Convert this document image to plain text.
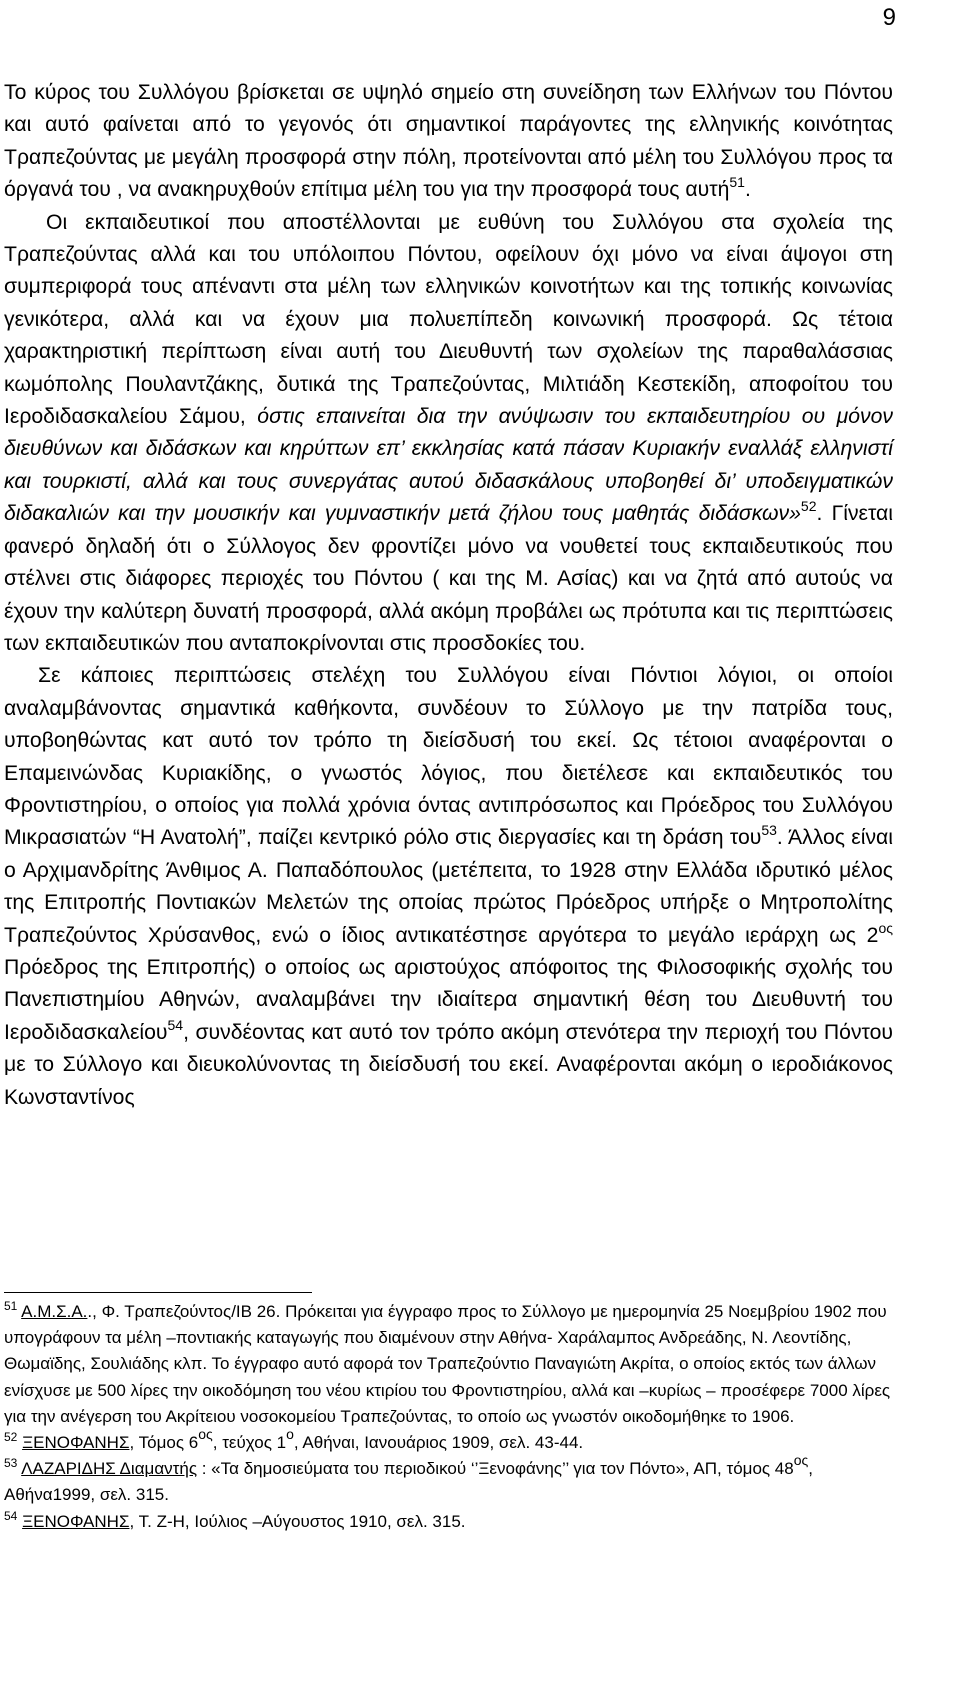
9

Το κύρος του Συλλόγου βρίσκεται σε υψηλό σημείο στη συνείδηση των Ελλήνων του Πόντου και αυτό φαίνεται από το γεγονός ότι σημαντικοί παράγοντες της ελληνικής κοινότητας Τραπεζούντας με μεγάλη προσφορά στην πόλη, προτείνονται από μέλη του Συλλόγου προς τα όργανά του , να ανακηρυχθούν επίτιμα μέλη του για την προσφορά τους αυτή$^{51}$.
Οι εκπαιδευτικοί που αποστέλλονται με ευθύνη του Συλλόγου στα σχολεία της Τραπεζούντας αλλά και του υπόλοιπου Πόντου, οφείλουν όχι μόνο να είναι άψογοι στη συμπεριφορά τους απέναντι στα μέλη των ελληνικών κοινοτήτων και της τοπικής κοινωνίας γενικότερα, αλλά και να έχουν μια πολυεπίπεδη κοινωνική προσφορά. Ως τέτοια χαρακτηριστική περίπτωση είναι αυτή του Διευθυντή των σχολείων της παραθαλάσσιας κωμόπολης Πουλαντζάκης, δυτικά της Τραπεζούντας, Μιλτιάδη Κεστεκίδη, αποφοίτου του Ιεροδιδασκαλείου Σάμου, όστις επαινείται δια την ανύψωσιν του εκπαιδευτηρίου ου μόνον διευθύνων και διδάσκων και κηρύττων επ’ εκκλησίας κατά πάσαν Κυριακήν εναλλάξ ελληνιστί και τουρκιστί, αλλά και τους συνεργάτας αυτού διδασκάλους υποβοηθεί δι’ υποδειγματικών διδακαλιών και την μουσικήν και γυμναστικήν μετά ζήλου τους μαθητάς διδάσκων»$^{52}$. Γίνεται φανερό δηλαδή ότι ο Σύλλογος δεν φροντίζει μόνο να νουθετεί τους εκπαιδευτικούς που στέλνει στις διάφορες περιοχές του Πόντου ( και της Μ. Ασίας) και να ζητά από αυτούς να έχουν την καλύτερη δυνατή προσφορά, αλλά ακόμη προβάλει ως πρότυπα και τις περιπτώσεις των εκπαιδευτικών που ανταποκρίνονται στις προσδοκίες του.

Σε κάποιες περιπτώσεις στελέχη του Συλλόγου είναι Πόντιοι λόγιοι, οι οποίοι αναλαμβάνοντας σημαντικά καθήκοντα, συνδέουν το Σύλλογο με την πατρίδα τους, υποβοηθώντας κατ αυτό τον τρόπο τη διείσδυσή του εκεί. Ως τέτοιοι αναφέρονται ο Επαμεινώνδας Κυριακίδης, ο γνωστός λόγιος, που διετέλεσε και εκπαιδευτικός του Φροντιστηρίου, ο οποίος για πολλά χρόνια όντας αντιπρόσωπος και Πρόεδρος του Συλλόγου Μικρασιατών “Η Ανατολή”, παίζει κεντρικό ρόλο στις διεργασίες και τη δράση του$^{53}$. Άλλος είναι ο Αρχιμανδρίτης Άνθιμος Α. Παπαδόπουλος (μετέπειτα, το 1928 στην Ελλάδα ιδρυτικό μέλος της Επιτροπής Ποντιακών Μελετών της οποίας πρώτος Πρόεδρος υπήρξε ο Μητροπολίτης Τραπεζούντος Χρύσανθος, ενώ ο ίδιος αντικατέστησε αργότερα το μεγάλο ιεράρχη ως $2^{o\varsigma}$ Πρόεδρος της Επιτροπής) ο οποίος ως αριστούχος απόφοιτος της Φιλοσοφικής σχολής του Πανεπιστημίου Αθηνών, αναλαμβάνει την ιδιαίτερα σημαντική θέση του Διευθυντή του Ιεροδιδασκαλείου$^{54}$, συνδέοντας κατ αυτό τον τρόπο ακόμη στενότερα την περιοχή του Πόντου με το Σύλλογο και διευκολύνοντας τη διείσδυσή του εκεί. Αναφέρονται ακόμη ο ιεροδιάκονος Κωνσταντίνος

$^{51}$ Α.Μ.Σ.Α.., Φ. Τραπεζούντος/ΙΒ 26. Πρόκειται για έγγραφο προς το Σύλλογο με ημερομηνία 25 Νοεμβρίου 1902 που υπογράφουν τα μέλη –ποντιακής καταγωγής που διαμένουν στην Αθήνα- Χαράλαμπος Ανδρεάδης, Ν. Λεοντίδης, Θωμαϊδης, Σουλιάδης κλπ. Το έγγραφο αυτό αφορά τον Τραπεζούντιο Παναγιώτη Ακρίτα, ο οποίος εκτός των άλλων ενίσχυσε με 500 λίρες την οικοδόμηση του νέου κτιρίου του Φροντιστηρίου, αλλά και –κυρίως – προσέφερε 7000 λίρες για την ανέγερση του Ακρίτειου νοσοκομείου Τραπεζούντας, το οποίο ως γνωστόν οικοδομήθηκε το 1906.

$^{52}$ ΞΕΝΟΦΑΝΗΣ, Τόμος $6^{o\varsigma}$, τεύχος $1^o$, Αθήναι, Ιανουάριος 1909, σελ. 43-44.

$^{53}$ ΛΑΖΑΡΙΔΗΣ Διαμαντής : «Τα δημοσιεύματα του περιοδικού ‘’Ξενοφάνης’’ για τον Πόντο», ΑΠ, τόμος $48^{o\varsigma}$, Αθήνα1999, σελ. 315.

$^{54}$ ΞΕΝΟΦΑΝΗΣ, Τ. Ζ-Η, Ιούλιος –Αύγουστος 1910, σελ. 315.
